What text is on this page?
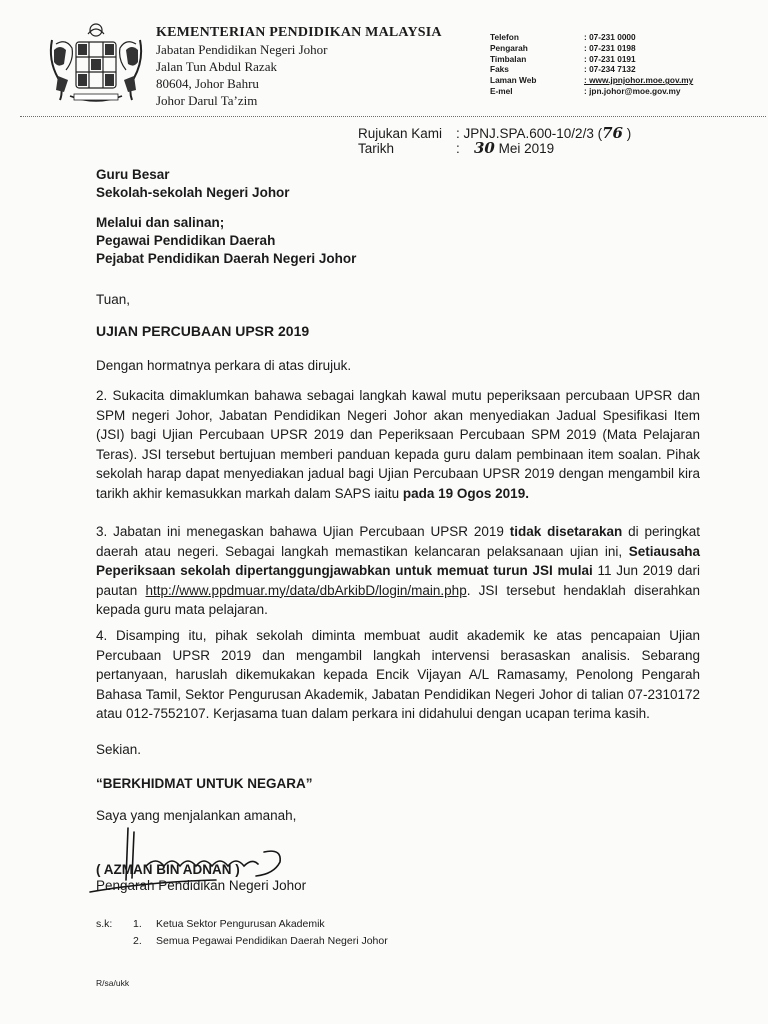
KEMENTERIAN PENDIDIKAN MALAYSIA
Jabatan Pendidikan Negeri Johor
Jalan Tun Abdul Razak
80604, Johor Bahru
Johor Darul Ta’zim
Telefon	: 07-231 0000
Pengarah	: 07-231 0198
Timbalan	: 07-231 0191
Faks	: 07-234 7132
Laman Web	: www.jpnjohor.moe.gov.my
E-mel	: jpn.johor@moe.gov.my
Rujukan Kami	: JPNJ.SPA.600-10/2/3 (76 )
Tarikh	: 30 Mei 2019
Guru Besar
Sekolah-sekolah Negeri Johor
Melalui dan salinan;
Pegawai Pendidikan Daerah
Pejabat Pendidikan Daerah Negeri Johor
Tuan,
UJIAN PERCUBAAN UPSR 2019
Dengan hormatnya perkara di atas dirujuk.
2. Sukacita dimaklumkan bahawa sebagai langkah kawal mutu peperiksaan percubaan UPSR dan SPM negeri Johor, Jabatan Pendidikan Negeri Johor akan menyediakan Jadual Spesifikasi Item (JSI) bagi Ujian Percubaan UPSR 2019 dan Peperiksaan Percubaan SPM 2019 (Mata Pelajaran Teras). JSI tersebut bertujuan memberi panduan kepada guru dalam pembinaan item soalan. Pihak sekolah harap dapat menyediakan jadual bagi Ujian Percubaan UPSR 2019 dengan mengambil kira tarikh akhir kemasukkan markah dalam SAPS iaitu pada 19 Ogos 2019.
3. Jabatan ini menegaskan bahawa Ujian Percubaan UPSR 2019 tidak disetarakan di peringkat daerah atau negeri. Sebagai langkah memastikan kelancaran pelaksanaan ujian ini, Setiausaha Peperiksaan sekolah dipertanggungjawabkan untuk memuat turun JSI mulai 11 Jun 2019 dari pautan http://www.ppdmuar.my/data/dbArkibD/login/main.php. JSI tersebut hendaklah diserahkan kepada guru mata pelajaran.
4. Disamping itu, pihak sekolah diminta membuat audit akademik ke atas pencapaian Ujian Percubaan UPSR 2019 dan mengambil langkah intervensi berasaskan analisis. Sebarang pertanyaan, haruslah dikemukakan kepada Encik Vijayan A/L Ramasamy, Penolong Pengarah Bahasa Tamil, Sektor Pengurusan Akademik, Jabatan Pendidikan Negeri Johor di talian 07-2310172 atau 012-7552107. Kerjasama tuan dalam perkara ini didahului dengan ucapan terima kasih.
Sekian.
“BERKHIDMAT UNTUK NEGARA”
Saya yang menjalankan amanah,
( AZMAN BIN ADNAN )
Pengarah Pendidikan Negeri Johor
s.k:	1.	Ketua Sektor Pengurusan Akademik
2.	Semua Pegawai Pendidikan Daerah Negeri Johor
R/sa/ukk
